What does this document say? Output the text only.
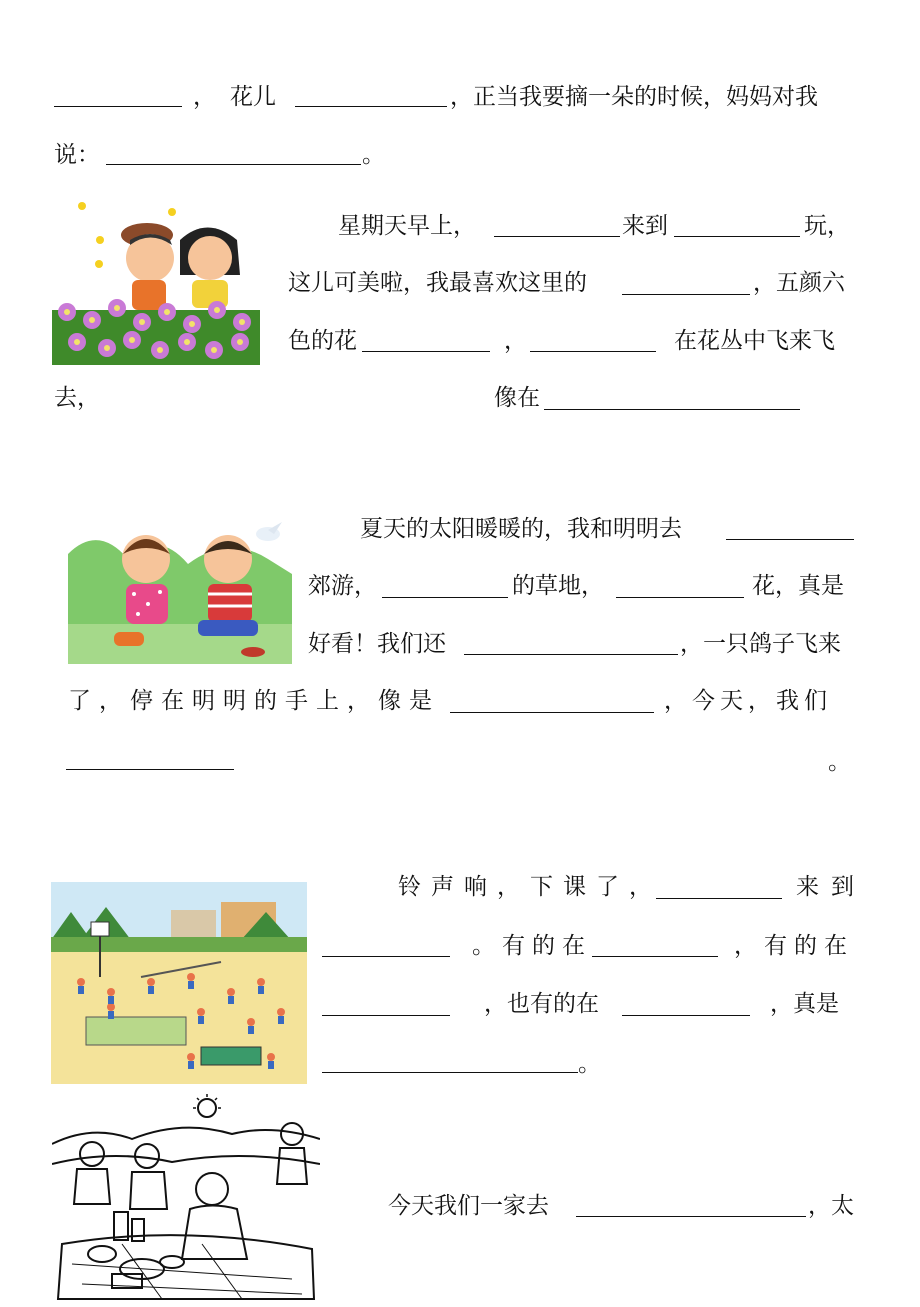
， 花儿	，正当我要摘一朵的时候，妈妈对我
说：	。
星期天早上，	来到	玩，
这儿可美啦，我最喜欢这里的	，五颜六
色的花	，	在花丛中飞来飞
去，	像在
夏天的太阳暖暖的，我和明明去
郊游，	的草地，	花，真是
好看！我们还	，一只鸽子飞来
了，停在明明的手上，像是	，今天，我们
。
铃声响，下课了，	来到
。有的在	，有的在
，也有的在	，真是
。
今天我们一家去	，太
